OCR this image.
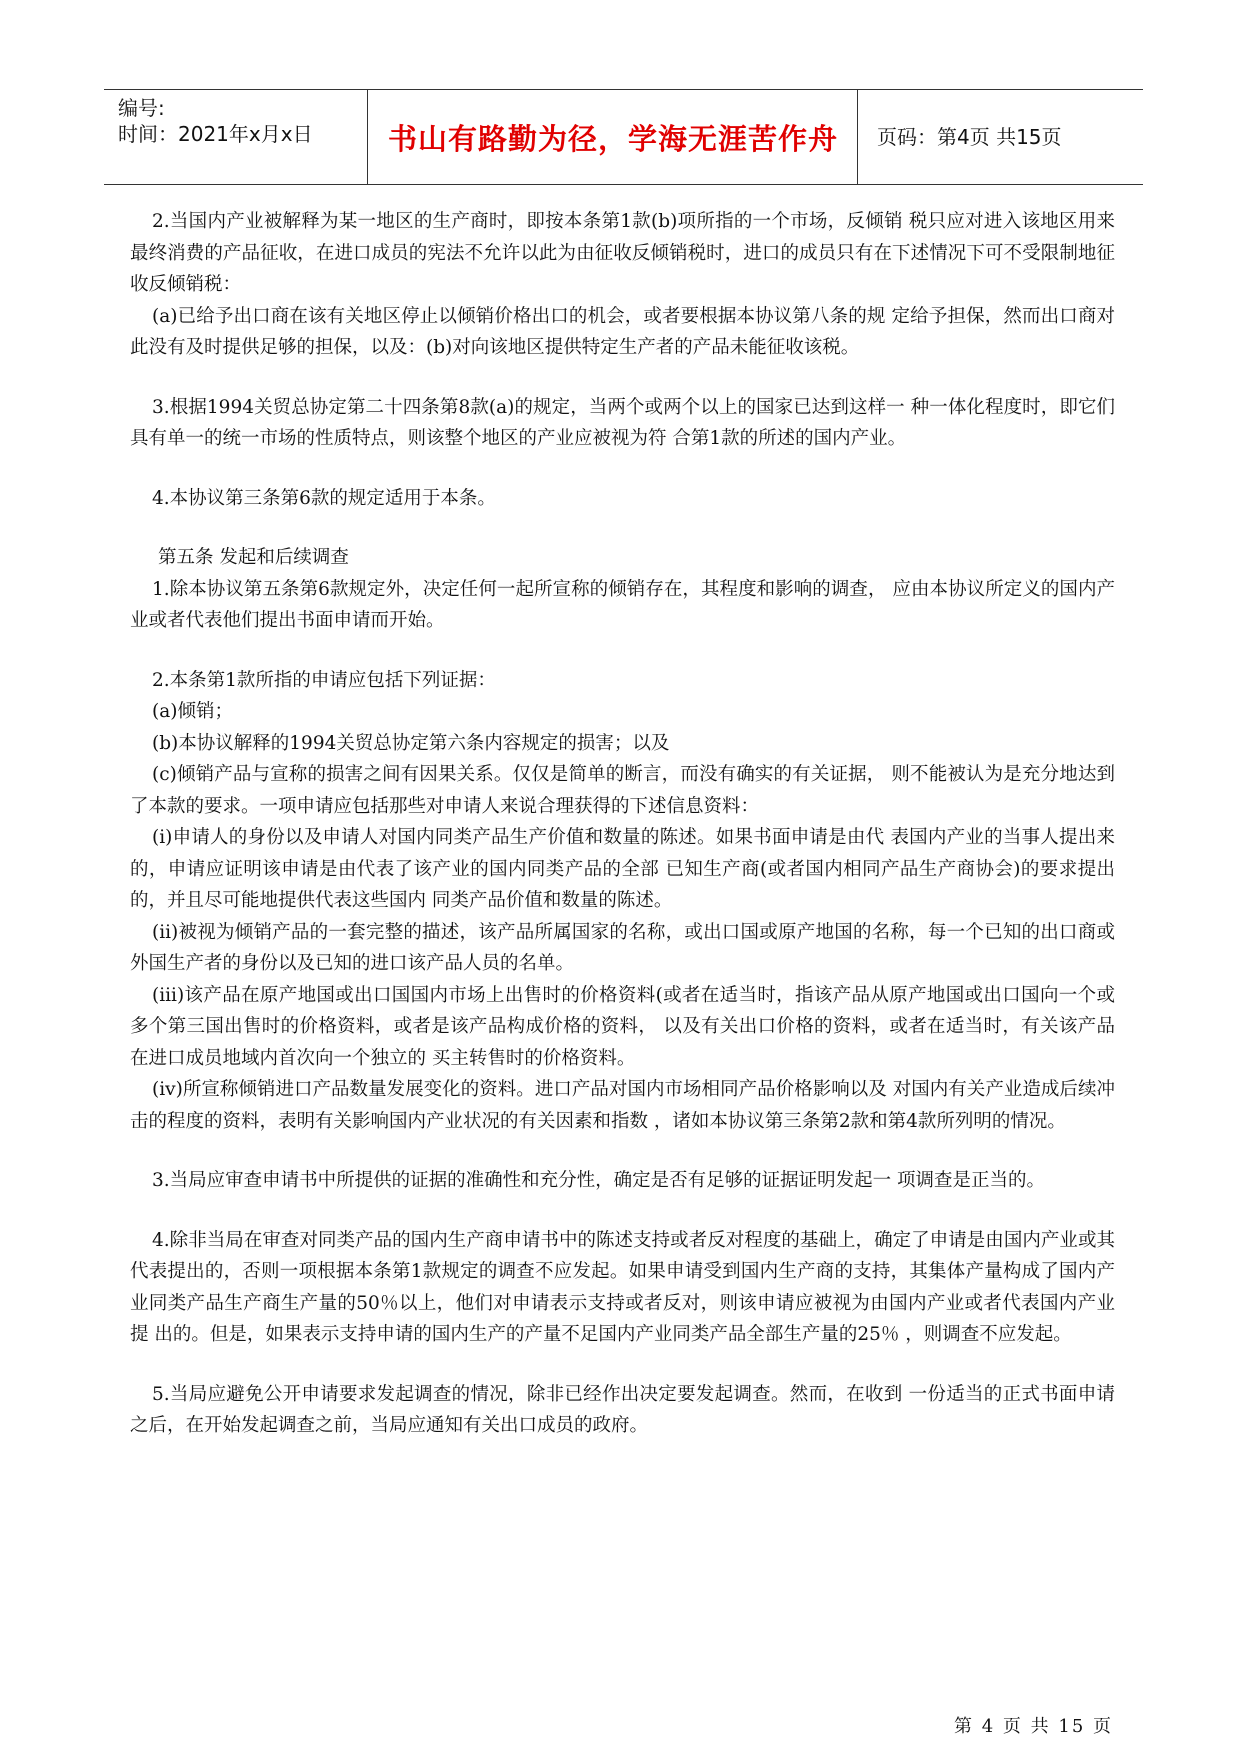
编号:
时间：2021年x月x日	书山有路勤为径，学海无涯苦作舟	页码：第4页 共15页

2.当国内产业被解释为某一地区的生产商时，即按本条第1款(b)项所指的一个市场，反倾销 税只应对进入该地区用来最终消费的产品征收，在进口成员的宪法不允许以此为由征收反倾销税时，进口的成员只有在下述情况下可不受限制地征收反倾销税：

(a)已给予出口商在该有关地区停止以倾销价格出口的机会，或者要根据本协议第八条的规 定给予担保，然而出口商对此没有及时提供足够的担保，以及：(b)对向该地区提供特定生产者的产品未能征收该税。

3.根据1994关贸总协定第二十四条第8款(a)的规定，当两个或两个以上的国家已达到这样一 种一体化程度时，即它们具有单一的统一市场的性质特点，则该整个地区的产业应被视为符 合第1款的所述的国内产业。

4.本协议第三条第6款的规定适用于本条。

第五条 发起和后续调查

1.除本协议第五条第6款规定外，决定任何一起所宣称的倾销存在，其程度和影响的调查， 应由本协议所定义的国内产业或者代表他们提出书面申请而开始。

2.本条第1款所指的申请应包括下列证据：

(a)倾销；

(b)本协议解释的1994关贸总协定第六条内容规定的损害；以及

(c)倾销产品与宣称的损害之间有因果关系。仅仅是简单的断言，而没有确实的有关证据， 则不能被认为是充分地达到了本款的要求。一项申请应包括那些对申请人来说合理获得的下述信息资料：

(i)申请人的身份以及申请人对国内同类产品生产价值和数量的陈述。如果书面申请是由代 表国内产业的当事人提出来的，申请应证明该申请是由代表了该产业的国内同类产品的全部 已知生产商(或者国内相同产品生产商协会)的要求提出的，并且尽可能地提供代表这些国内 同类产品价值和数量的陈述。

(ii)被视为倾销产品的一套完整的描述，该产品所属国家的名称，或出口国或原产地国的名称，每一个已知的出口商或外国生产者的身份以及已知的进口该产品人员的名单。

(iii)该产品在原产地国或出口国国内市场上出售时的价格资料(或者在适当时，指该产品从原产地国或出口国向一个或多个第三国出售时的价格资料，或者是该产品构成价格的资料， 以及有关出口价格的资料，或者在适当时，有关该产品在进口成员地域内首次向一个独立的 买主转售时的价格资料。

(iv)所宣称倾销进口产品数量发展变化的资料。进口产品对国内市场相同产品价格影响以及 对国内有关产业造成后续冲击的程度的资料，表明有关影响国内产业状况的有关因素和指数 ，诸如本协议第三条第2款和第4款所列明的情况。

3.当局应审查申请书中所提供的证据的准确性和充分性，确定是否有足够的证据证明发起一 项调查是正当的。

4.除非当局在审查对同类产品的国内生产商申请书中的陈述支持或者反对程度的基础上，确定了申请是由国内产业或其代表提出的，否则一项根据本条第1款规定的调查不应发起。如果申请受到国内生产商的支持，其集体产量构成了国内产业同类产品生产商生产量的50％以上，他们对申请表示支持或者反对，则该申请应被视为由国内产业或者代表国内产业提 出的。但是，如果表示支持申请的国内生产的产量不足国内产业同类产品全部生产量的25％ ，则调查不应发起。

5.当局应避免公开申请要求发起调查的情况，除非已经作出决定要发起调查。然而，在收到 一份适当的正式书面申请之后，在开始发起调查之前，当局应通知有关出口成员的政府。

第 4 页 共 15 页
